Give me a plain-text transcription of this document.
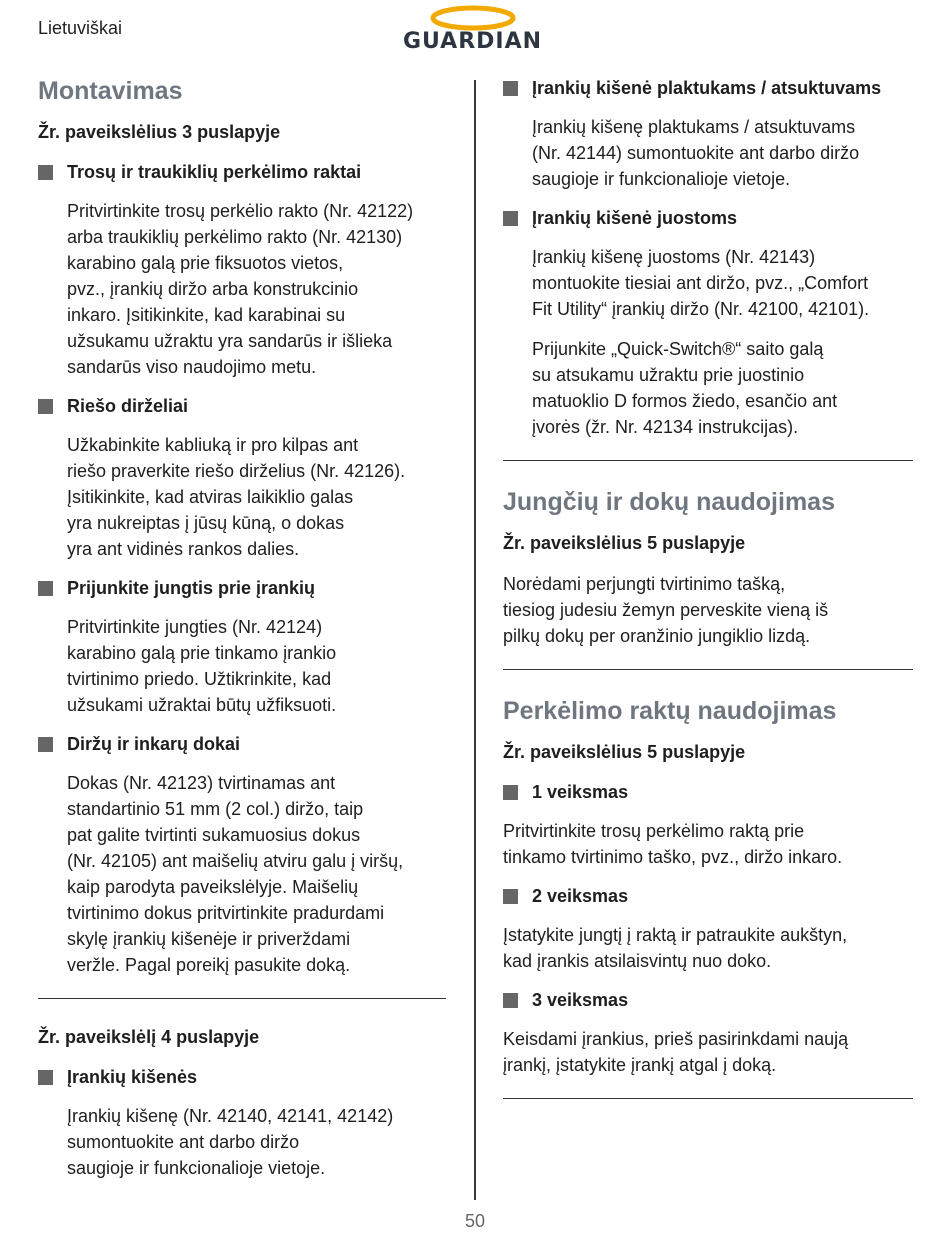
Lietuviškai
GUARDIAN
Montavimas
Žr. paveikslėlius 3 puslapyje
Trosų ir traukiklių perkėlimo raktai
Pritvirtinkite trosų perkėlio rakto (Nr. 42122)
arba traukiklių perkėlimo rakto (Nr. 42130)
karabino galą prie fiksuotos vietos,
pvz., įrankių diržo arba konstrukcinio
inkaro. Įsitikinkite, kad karabinai su
užsukamu užraktu yra sandarūs ir išlieka
sandarūs viso naudojimo metu.
Riešo dirželiai
Užkabinkite kabliuką ir pro kilpas ant
riešo praverkite riešo dirželius (Nr. 42126).
Įsitikinkite, kad atviras laikiklio galas
yra nukreiptas į jūsų kūną, o dokas
yra ant vidinės rankos dalies.
Prijunkite jungtis prie įrankių
Pritvirtinkite jungties (Nr. 42124)
karabino galą prie tinkamo įrankio
tvirtinimo priedo. Užtikrinkite, kad
užsukami užraktai būtų užfiksuoti.
Diržų ir inkarų dokai
Dokas (Nr. 42123) tvirtinamas ant
standartinio 51 mm (2 col.) diržo, taip
pat galite tvirtinti sukamuosius dokus
(Nr. 42105) ant maišelių atviru galu į viršų,
kaip parodyta paveikslėlyje. Maišelių
tvirtinimo dokus pritvirtinkite pradurdami
skylę įrankių kišenėje ir priverždami
veržle. Pagal poreikį pasukite doką.
Žr. paveikslėlį 4 puslapyje
Įrankių kišenės
Įrankių kišenę (Nr. 42140, 42141, 42142)
sumontuokite ant darbo diržo
saugioje ir funkcionalioje vietoje.
Įrankių kišenė plaktukams / atsuktuvams
Įrankių kišenę plaktukams / atsuktuvams
(Nr. 42144) sumontuokite ant darbo diržo
saugioje ir funkcionalioje vietoje.
Įrankių kišenė juostoms
Įrankių kišenę juostoms (Nr. 42143)
montuokite tiesiai ant diržo, pvz., „Comfort
Fit Utility“ įrankių diržo (Nr. 42100, 42101).
Prijunkite „Quick-Switch®“ saito galą
su atsukamu užraktu prie juostinio
matuoklio D formos žiedo, esančio ant
įvorės (žr. Nr. 42134 instrukcijas).
Jungčių ir dokų naudojimas
Žr. paveikslėlius 5 puslapyje
Norėdami perjungti tvirtinimo tašką,
tiesiog judesiu žemyn perveskite vieną iš
pilkų dokų per oranžinio jungiklio lizdą.
Perkėlimo raktų naudojimas
Žr. paveikslėlius 5 puslapyje
1 veiksmas
Pritvirtinkite trosų perkėlimo raktą prie
tinkamo tvirtinimo taško, pvz., diržo inkaro.
2 veiksmas
Įstatykite jungtį į raktą ir patraukite aukštyn,
kad įrankis atsilaisvintų nuo doko.
3 veiksmas
Keisdami įrankius, prieš pasirinkdami naują
įrankį, įstatykite įrankį atgal į doką.
50
